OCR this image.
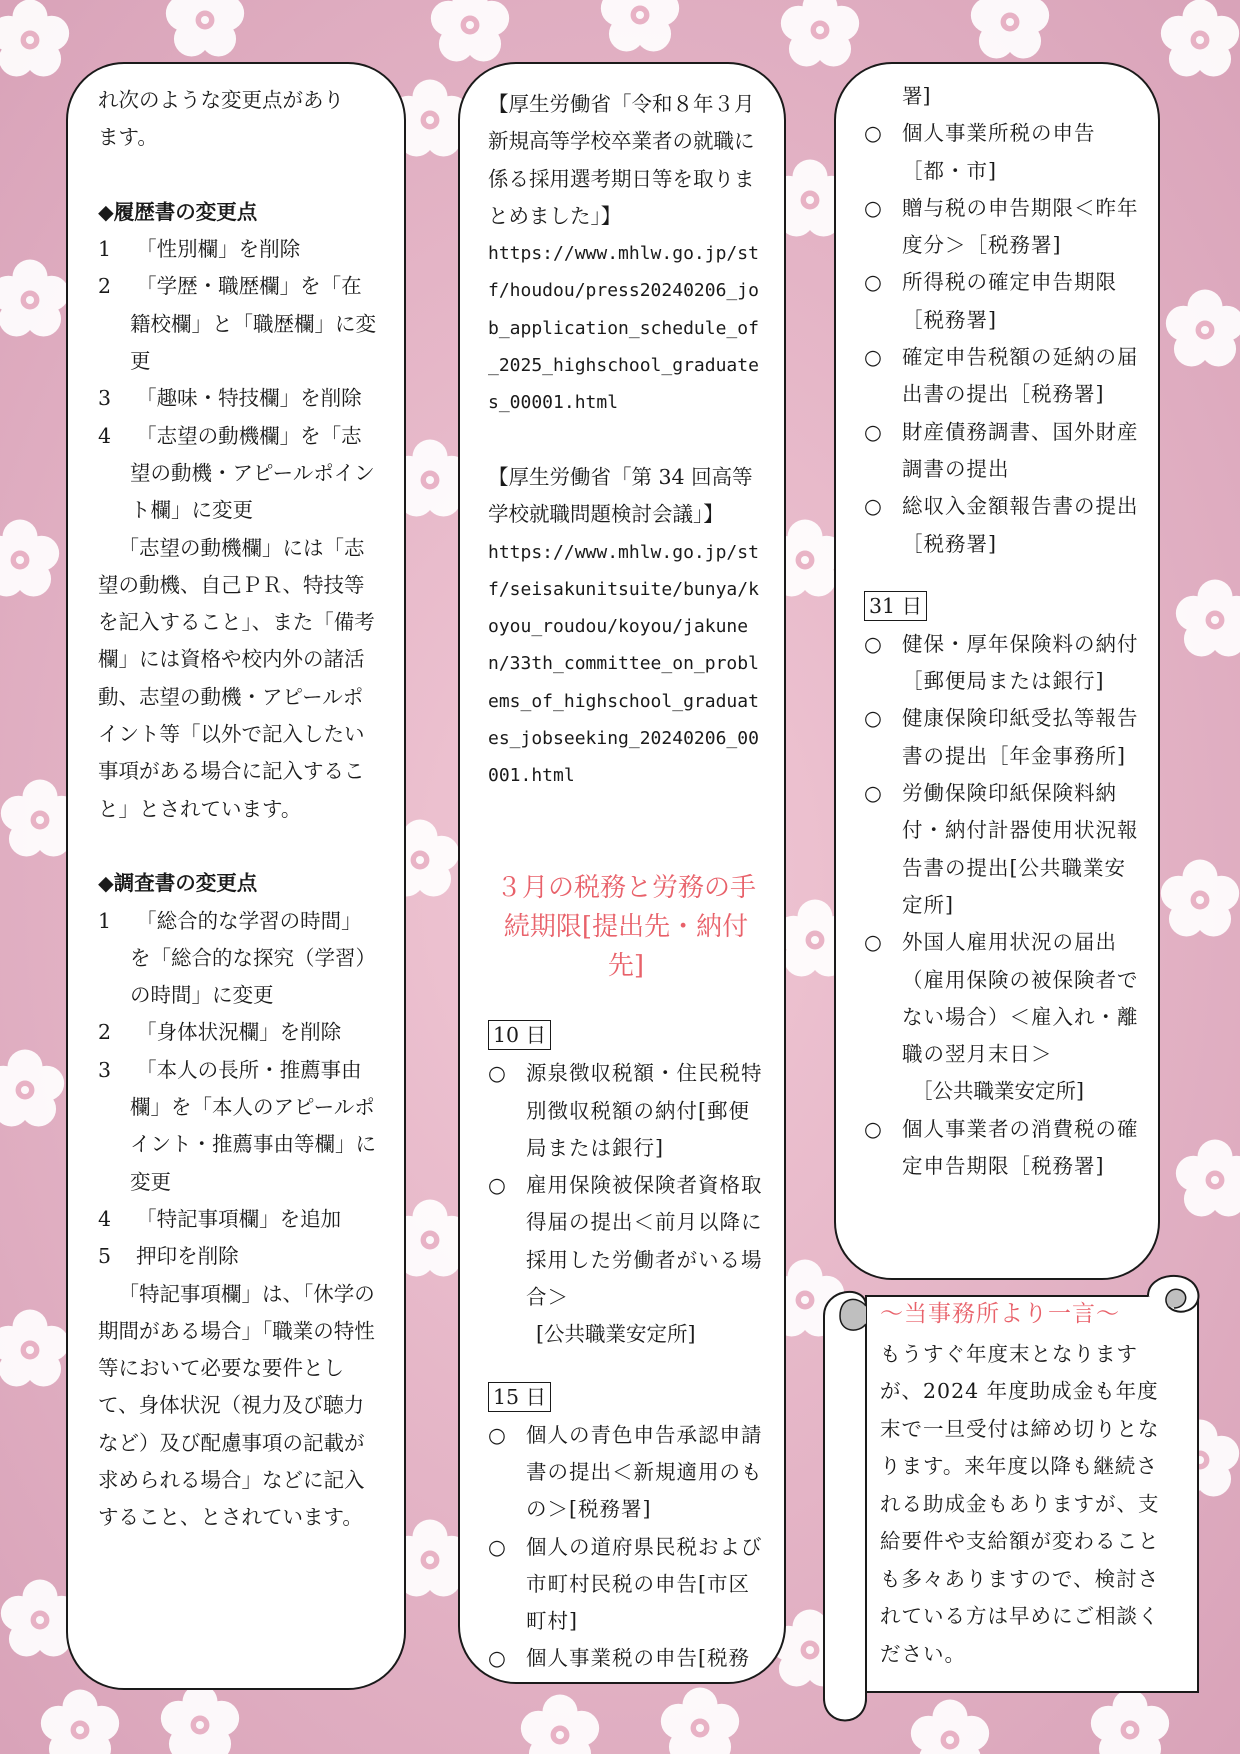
れ次のような変更点があり

ます。

◆履歴書の変更点

1	「性別欄」を削除
2	「学歴・職歴欄」を「在籍校欄」と「職歴欄」に変更
3	「趣味・特技欄」を削除
4	「志望の動機欄」を「志望の動機・アピールポイント欄」に変更

「志望の動機欄」には「志望の動機、自己ＰＲ、特技等を記入すること」、また「備考欄」には資格や校内外の諸活動、志望の動機・アピールポイント等「以外で記入したい事項がある場合に記入すること」とされています。

◆調査書の変更点

1	「総合的な学習の時間」を「総合的な探究（学習）の時間」に変更
2	「身体状況欄」を削除
3	「本人の長所・推薦事由欄」を「本人のアピールポイント・推薦事由等欄」に変更
4	「特記事項欄」を追加
5	押印を削除

「特記事項欄」は、「休学の期間がある場合」「職業の特性等において必要な要件として、身体状況（視力及び聴力など）及び配慮事項の記載が求められる場合」などに記入すること、とされています。

【厚生労働省「令和８年３月新規高等学校卒業者の就職に係る採用選考期日等を取りまとめました」】

https://www.mhlw.go.jp/stf/houdou/press20240206_job_application_schedule_of_2025_highschool_graduates_00001.html

【厚生労働省「第 34 回高等学校就職問題検討会議」】

https://www.mhlw.go.jp/stf/seisakunitsuite/bunya/koyou_roudou/koyou/jakunen/33th_committee_on_problems_of_highschool_graduates_jobseeking_20240206_00001.html

３月の税務と労務の手続期限[提出先・納付先]

10 日
○ 源泉徴収税額・住民税特別徴収税額の納付[郵便局または銀行]
○ 雇用保険被保険者資格取得届の提出＜前月以降に採用した労働者がいる場合＞

[公共職業安定所]

15 日
○ 個人の青色申告承認申請書の提出＜新規適用のもの＞[税務署]
○ 個人の道府県民税および市町村民税の申告[市区町村]
○ 個人事業税の申告[税務

署]

○ 個人事業所税の申告［都・市]
○ 贈与税の申告期限＜昨年度分＞［税務署]
○ 所得税の確定申告期限［税務署]
○ 確定申告税額の延納の届出書の提出［税務署]
○ 財産債務調書、国外財産調書の提出
○ 総収入金額報告書の提出［税務署]
31 日
○ 健保・厚年保険料の納付［郵便局または銀行]
○ 健康保険印紙受払等報告書の提出［年金事務所]
○ 労働保険印紙保険料納付・納付計器使用状況報告書の提出[公共職業安定所]
○ 外国人雇用状況の届出（雇用保険の被保険者でない場合）＜雇入れ・離職の翌月末日＞

［公共職業安定所]

○ 個人事業者の消費税の確定申告期限［税務署]

～当事務所より一言～

もうすぐ年度末となりますが、2024 年度助成金も年度末で一旦受付は締め切りとなります。来年度以降も継続される助成金もありますが、支給要件や支給額が変わることも多々ありますので、検討されている方は早めにご相談ください。
